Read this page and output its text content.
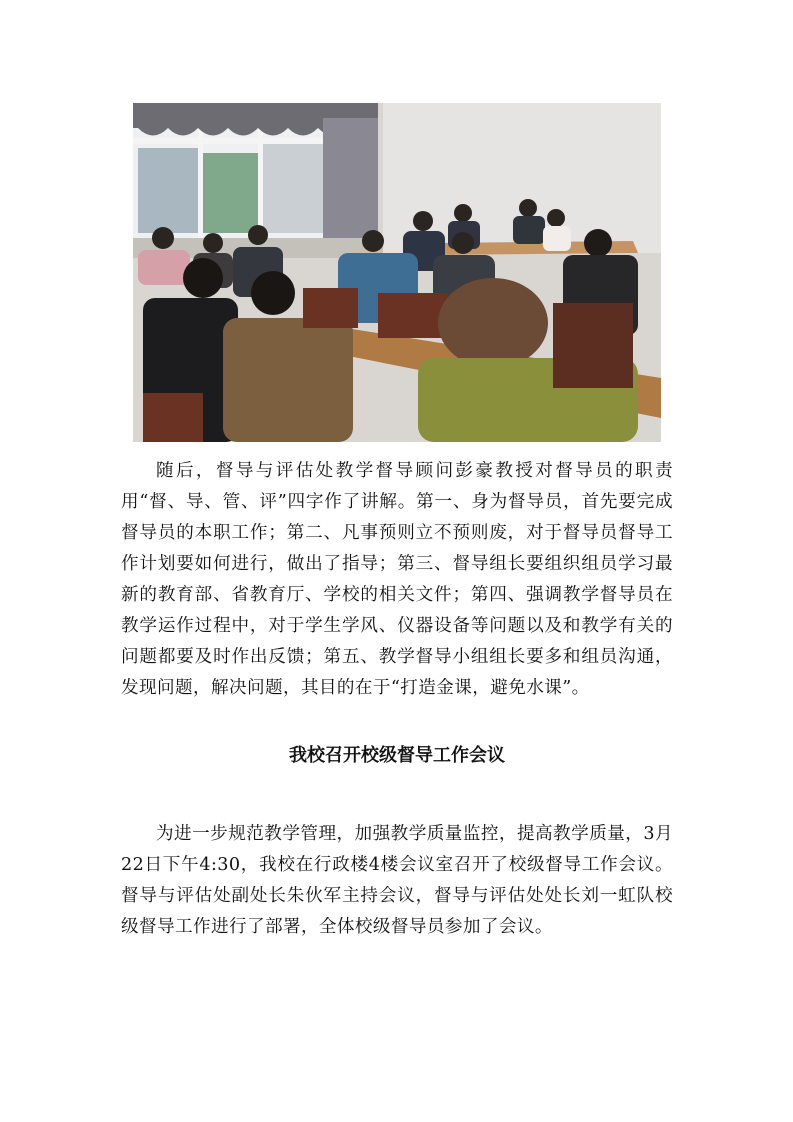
随后，督导与评估处教学督导顾问彭豪教授对督导员的职责用“督、导、管、评”四字作了讲解。第一、身为督导员，首先要完成督导员的本职工作；第二、凡事预则立不预则废，对于督导员督导工作计划要如何进行，做出了指导；第三、督导组长要组织组员学习最新的教育部、省教育厅、学校的相关文件；第四、强调教学督导员在教学运作过程中，对于学生学风、仪器设备等问题以及和教学有关的问题都要及时作出反馈；第五、教学督导小组组长要多和组员沟通，发现问题，解决问题，其目的在于“打造金课，避免水课”。

我校召开校级督导工作会议

为进一步规范教学管理，加强教学质量监控，提高教学质量，3月22日下午4:30，我校在行政楼4楼会议室召开了校级督导工作会议。督导与评估处副处长朱伙军主持会议，督导与评估处处长刘一虹队校级督导工作进行了部署，全体校级督导员参加了会议。
